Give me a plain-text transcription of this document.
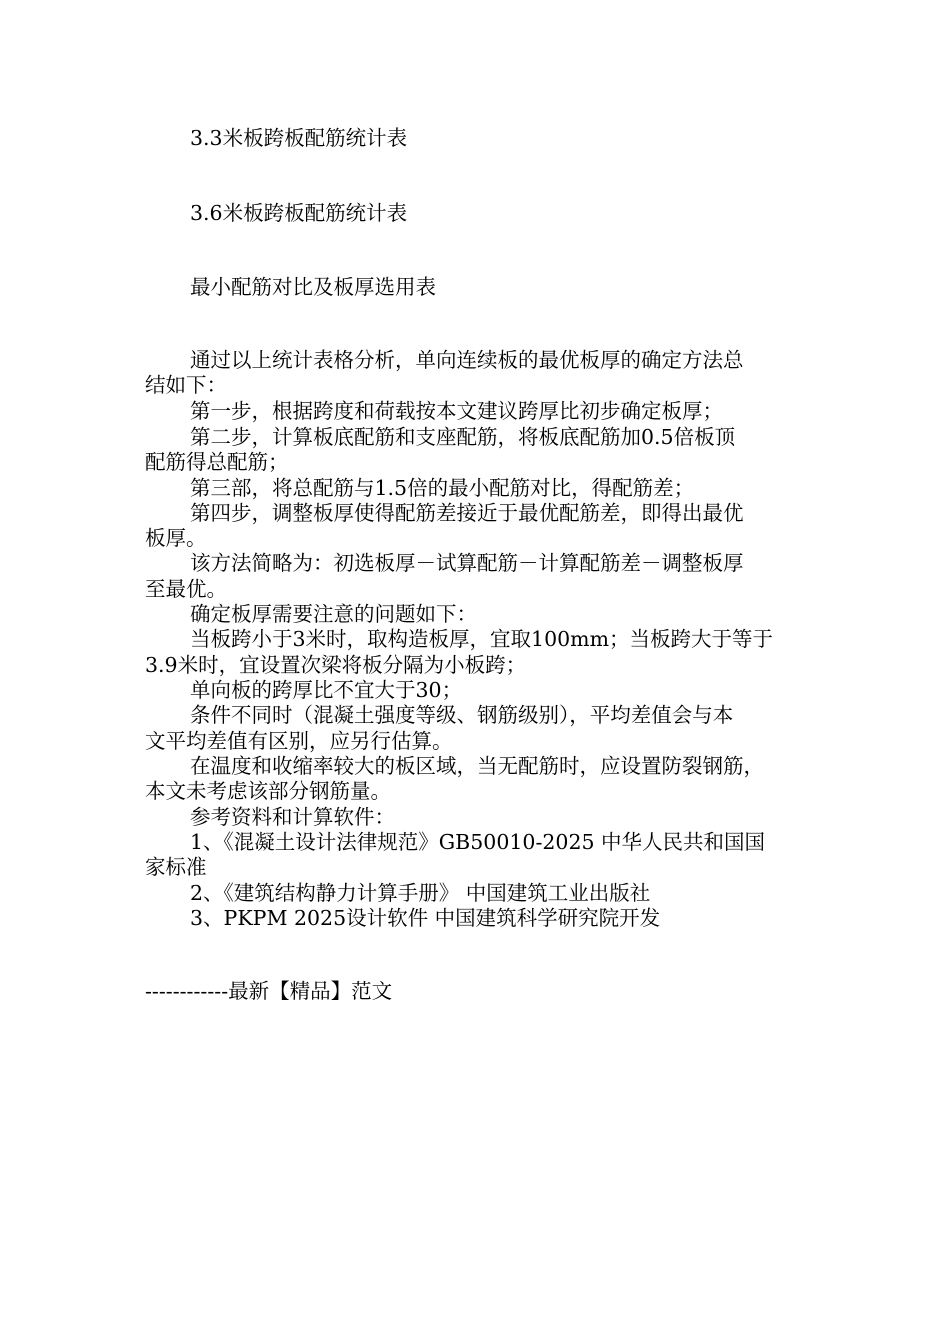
3.3米板跨板配筋统计表
3.6米板跨板配筋统计表
最小配筋对比及板厚选用表
通过以上统计表格分析，单向连续板的最优板厚的确定方法总
结如下：
第一步，根据跨度和荷载按本文建议跨厚比初步确定板厚；
第二步，计算板底配筋和支座配筋，将板底配筋加0.5倍板顶
配筋得总配筋；
第三部，将总配筋与1.5倍的最小配筋对比，得配筋差；
第四步，调整板厚使得配筋差接近于最优配筋差，即得出最优
板厚。
该方法简略为：初选板厚－试算配筋－计算配筋差－调整板厚
至最优。
确定板厚需要注意的问题如下：
当板跨小于3米时，取构造板厚，宜取100mm；当板跨大于等于
3.9米时，宜设置次梁将板分隔为小板跨；
单向板的跨厚比不宜大于30；
条件不同时（混凝土强度等级、钢筋级别），平均差值会与本
文平均差值有区别，应另行估算。
在温度和收缩率较大的板区域，当无配筋时，应设置防裂钢筋，
本文未考虑该部分钢筋量。
参考资料和计算软件：
1、《混凝土设计法律规范》GB50010-2025 中华人民共和国国
家标准
2、《建筑结构静力计算手册》 中国建筑工业出版社
3、PKPM 2025设计软件 中国建筑科学研究院开发
------------最新【精品】范文
